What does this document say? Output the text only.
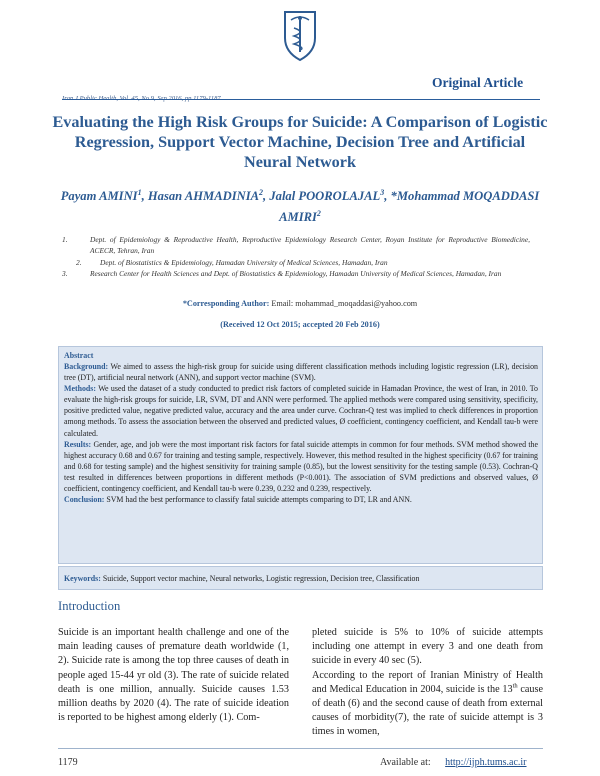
Original Article
Evaluating the High Risk Groups for Suicide: A Comparison of Logistic Regression, Support Vector Machine, Decision Tree and Artificial Neural Network
Payam AMINI$^1$, Hasan AHMADINIA$^2$, Jalal POOROLAJAL$^3$, *Mohammad MOQADDASI AMIRI$^2$
1.	Dept. of Epidemiology & Reproductive Health, Reproductive Epidemiology Research Center, Royan Institute for Reproductive Biomedicine, ACECR, Tehran, Iran
2. Dept. of Biostatistics & Epidemiology, Hamadan University of Medical Sciences, Hamadan, Iran
3.	Research Center for Health Sciences and Dept. of Biostatistics & Epidemiology, Hamadan University of Medical Sciences, Hamadan, Iran
*Corresponding Author: Email: mohammad_moqaddasi@yahoo.com
(Received 12 Oct 2015; accepted 20 Feb 2016)
Abstract
Background: We aimed to assess the high-risk group for suicide using different classification methods including logistic regression (LR), decision tree (DT), artificial neural network (ANN), and support vector machine (SVM).
Methods: We used the dataset of a study conducted to predict risk factors of completed suicide in Hamadan Province, the west of Iran, in 2010. To evaluate the high-risk groups for suicide, LR, SVM, DT and ANN were performed. The applied methods were compared using sensitivity, specificity, positive predicted value, negative predicted value, accuracy and the area under curve. Cochran-Q test was implied to check differences in proportion among methods. To assess the association between the observed and predicted values, Ø coefficient, contingency coefficient, and Kendall tau-b were calculated.
Results: Gender, age, and job were the most important risk factors for fatal suicide attempts in common for four methods. SVM method showed the highest accuracy 0.68 and 0.67 for training and testing sample, respectively. However, this method resulted in the highest specificity (0.67 for training and 0.68 for testing sample) and the highest sensitivity for training sample (0.85), but the lowest sensitivity for the testing sample (0.53). Cochran-Q test resulted in differences between proportions in different methods (P<0.001). The association of SVM predictions and observed values, Ø coefficient, contingency coefficient, and Kendall tau-b were 0.239, 0.232 and 0.239, respectively.
Conclusion: SVM had the best performance to classify fatal suicide attempts comparing to DT, LR and ANN.
Keywords: Suicide, Support vector machine, Neural networks, Logistic regression, Decision tree, Classification
Introduction
Suicide is an important health challenge and one of the main leading causes of premature death worldwide (1, 2). Suicide rate is among the top three causes of death in people aged 15-44 yr old (3). The rate of suicide related death is one million, annually. Suicide causes 1.53 million deaths by 2020 (4). The rate of suicide ideation is reported to be highest among elderly (1). Com-
pleted suicide is 5% to 10% of suicide attempts including one attempt in every 3 and one death from suicide in every 40 sec (5).
According to the report of Iranian Ministry of Health and Medical Education in 2004, suicide is the 13th cause of death (6) and the second cause of death from external causes of morbidity(7), the rate of suicide attempt is 3 times in women,
1179	Available at: http://ijph.tums.ac.ir
